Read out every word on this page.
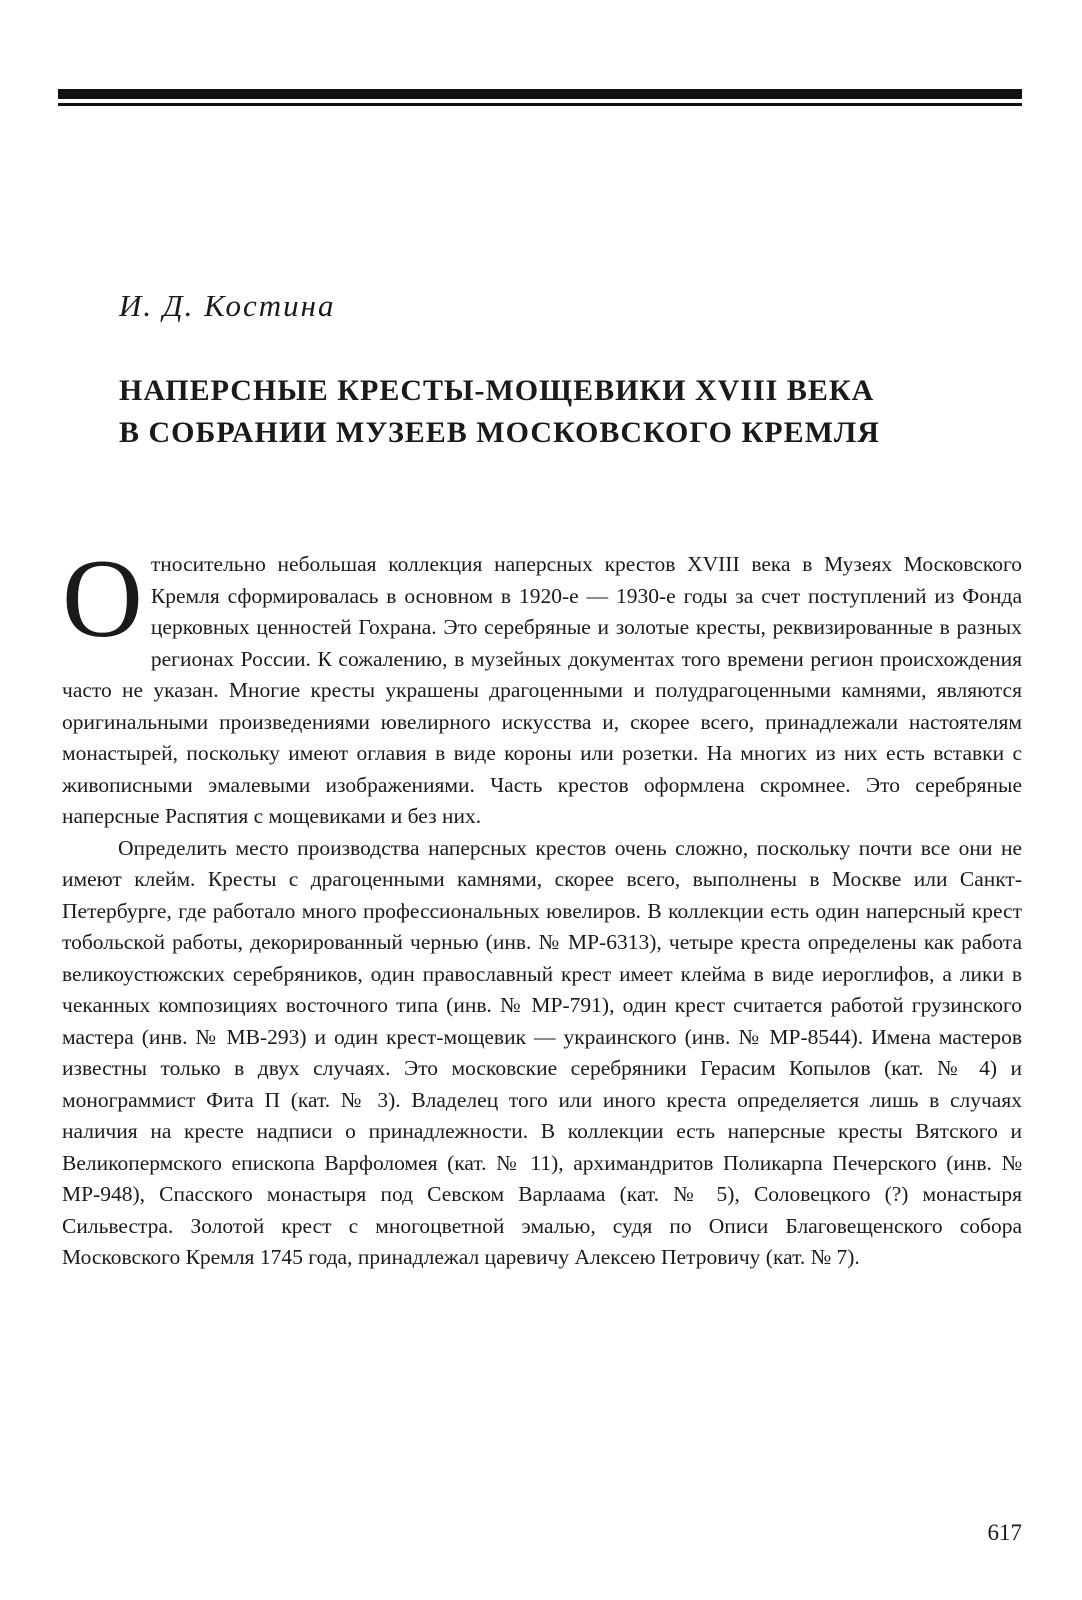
И. Д. Костина
НАПЕРСНЫЕ КРЕСТЫ-МОЩЕВИКИ XVIII ВЕКА
В СОБРАНИИ МУЗЕЕВ МОСКОВСКОГО КРЕМЛЯ

Относительно небольшая коллекция наперсных крестов XVIII века в Музеях Московского Кремля сформировалась в основном в 1920-е — 1930-е годы за счет поступлений из Фонда церковных ценностей Гохрана. Это серебряные и золотые кресты, реквизированные в разных регионах России. К сожалению, в музейных документах того времени регион происхождения часто не указан. Многие кресты украшены драгоценными и полудрагоценными камнями, являются оригинальными произведениями ювелирного искусства и, скорее всего, принадлежали настоятелям монастырей, поскольку имеют оглавия в виде короны или розетки. На многих из них есть вставки с живописными эмалевыми изображениями. Часть крестов оформлена скромнее. Это серебряные наперсные Распятия с мощевиками и без них.

Определить место производства наперсных крестов очень сложно, поскольку почти все они не имеют клейм. Кресты с драгоценными камнями, скорее всего, выполнены в Москве или Санкт-Петербурге, где работало много профессиональных ювелиров. В коллекции есть один наперсный крест тобольской работы, декорированный чернью (инв. № МР-6313), четыре креста определены как работа великоустюжских серебряников, один православный крест имеет клейма в виде иероглифов, а лики в чеканных композициях восточного типа (инв. № МР-791), один крест считается работой грузинского мастера (инв. № МВ-293) и один крест-мощевик — украинского (инв. № МР-8544). Имена мастеров известны только в двух случаях. Это московские серебряники Герасим Копылов (кат. № 4) и монограммист Фита П (кат. № 3). Владелец того или иного креста определяется лишь в случаях наличия на кресте надписи о принадлежности. В коллекции есть наперсные кресты Вятского и Великопермского епископа Варфоломея (кат. № 11), архимандритов Поликарпа Печерского (инв. № МР-948), Спасского монастыря под Севском Варлаама (кат. № 5), Соловецкого (?) монастыря Сильвестра. Золотой крест с многоцветной эмалью, судя по Описи Благовещенского собора Московского Кремля 1745 года, принадлежал царевичу Алексею Петровичу (кат. № 7).

617
